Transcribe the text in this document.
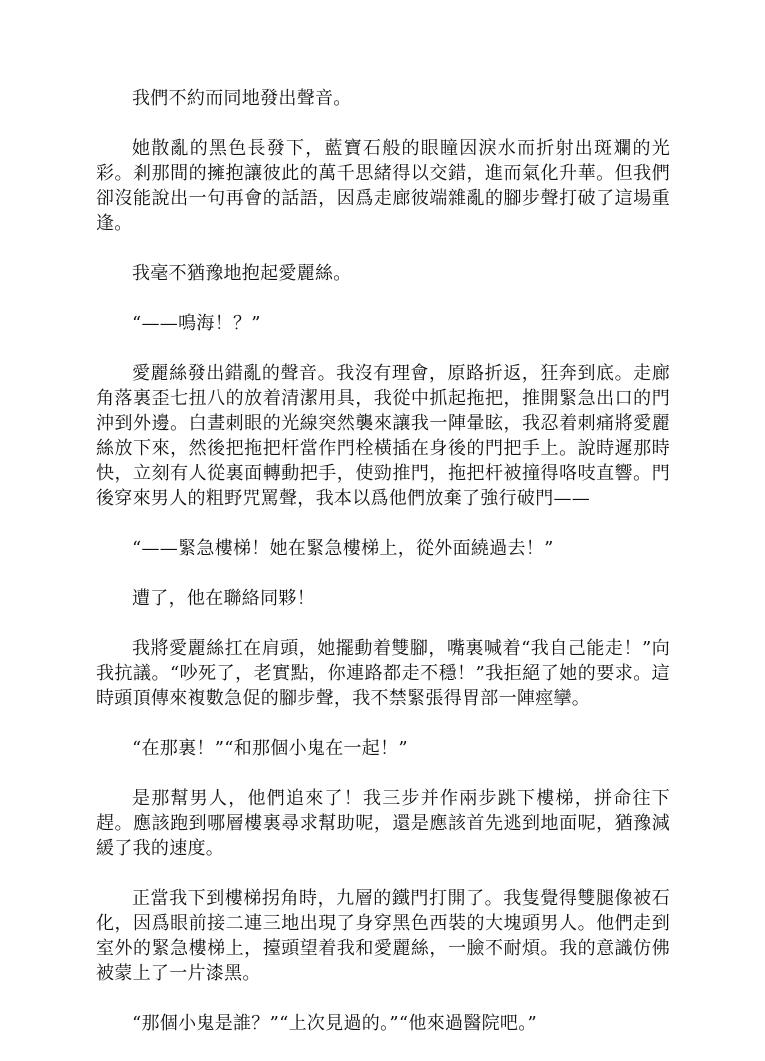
我們不約而同地發出聲音。

她散亂的黑色長發下，藍寶石般的眼瞳因淚水而折射出斑斕的光彩。剎那間的擁抱讓彼此的萬千思緒得以交錯，進而氣化升華。但我們卻沒能說出一句再會的話語，因爲走廊彼端雜亂的腳步聲打破了這場重逢。

我毫不猶豫地抱起愛麗絲。

“——鳴海！？”

愛麗絲發出錯亂的聲音。我沒有理會，原路折返，狂奔到底。走廊角落裏歪七扭八的放着清潔用具，我從中抓起拖把，推開緊急出口的門沖到外邊。白晝刺眼的光線突然襲來讓我一陣暈眩，我忍着刺痛將愛麗絲放下來，然後把拖把杆當作門栓橫插在身後的門把手上。說時遲那時快，立刻有人從裏面轉動把手，使勁推門，拖把杆被撞得咯吱直響。門後穿來男人的粗野咒罵聲，我本以爲他們放棄了強行破門——

“——緊急樓梯！她在緊急樓梯上，從外面繞過去！”

遭了，他在聯絡同夥！

我將愛麗絲扛在肩頭，她擺動着雙腳，嘴裏喊着“我自己能走！”向我抗議。“吵死了，老實點，你連路都走不穩！”我拒絕了她的要求。這時頭頂傳來複數急促的腳步聲，我不禁緊張得胃部一陣痙攣。

“在那裏！”“和那個小鬼在一起！”

是那幫男人，他們追來了！我三步并作兩步跳下樓梯，拼命往下趕。應該跑到哪層樓裏尋求幫助呢，還是應該首先逃到地面呢，猶豫減緩了我的速度。

正當我下到樓梯拐角時，九層的鐵門打開了。我隻覺得雙腿像被石化，因爲眼前接二連三地出現了身穿黑色西裝的大塊頭男人。他們走到室外的緊急樓梯上，擡頭望着我和愛麗絲，一臉不耐煩。我的意識仿佛被蒙上了一片漆黑。

“那個小鬼是誰？”“上次見過的。”“他來過醫院吧。”
